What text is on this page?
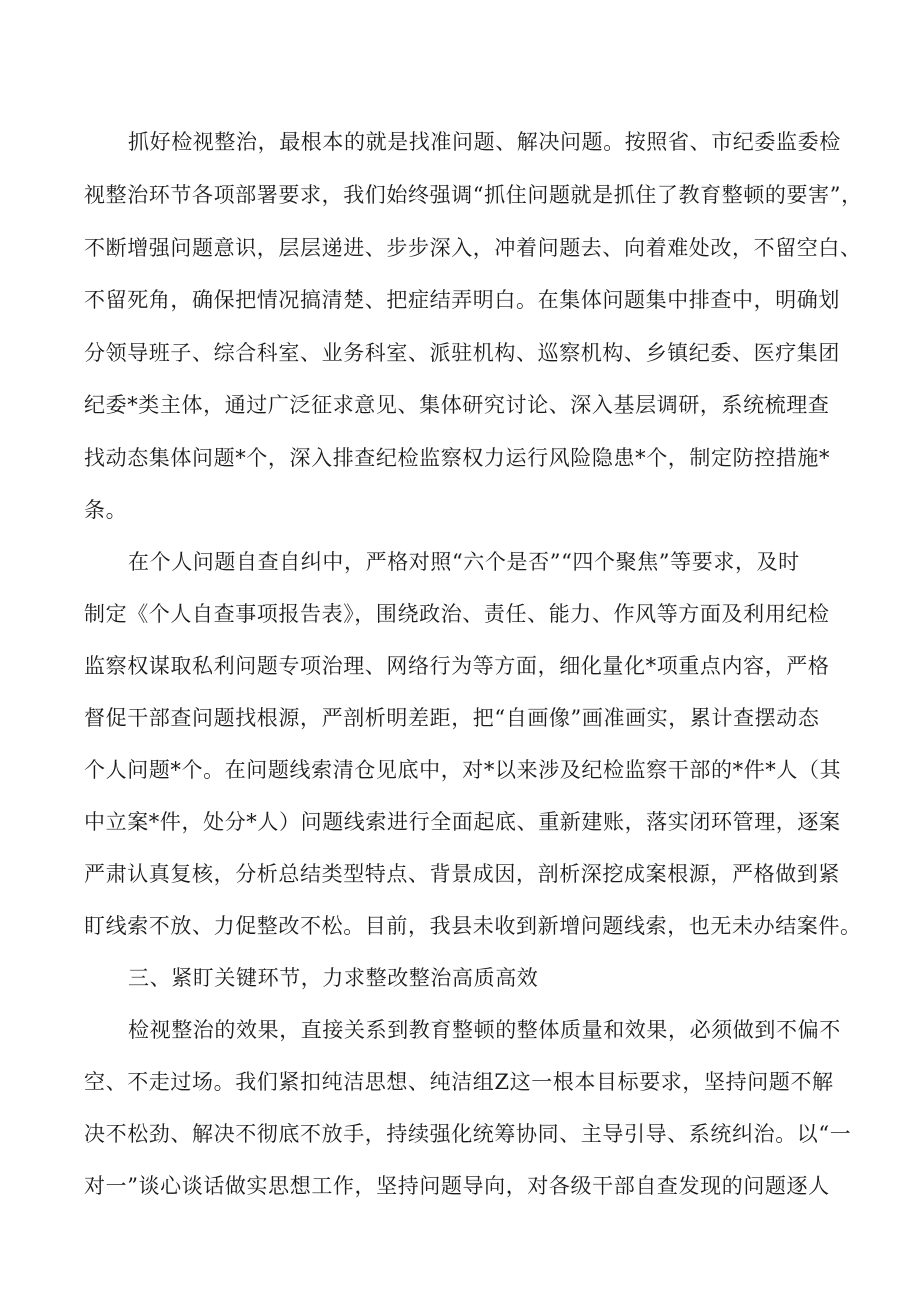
抓好检视整治，最根本的就是找准问题、解决问题。按照省、市纪委监委检
视整治环节各项部署要求，我们始终强调“抓住问题就是抓住了教育整顿的要害”，
不断增强问题意识，层层递进、步步深入，冲着问题去、向着难处改，不留空白、
不留死角，确保把情况搞清楚、把症结弄明白。在集体问题集中排查中，明确划
分领导班子、综合科室、业务科室、派驻机构、巡察机构、乡镇纪委、医疗集团
纪委*类主体，通过广泛征求意见、集体研究讨论、深入基层调研，系统梳理查
找动态集体问题*个，深入排查纪检监察权力运行风险隐患*个，制定防控措施*
条。
在个人问题自查自纠中，严格对照“六个是否”“四个聚焦”等要求，及时
制定《个人自查事项报告表》，围绕政治、责任、能力、作风等方面及利用纪检
监察权谋取私利问题专项治理、网络行为等方面，细化量化*项重点内容，严格
督促干部查问题找根源，严剖析明差距，把“自画像”画准画实，累计查摆动态
个人问题*个。在问题线索清仓见底中，对*以来涉及纪检监察干部的*件*人（其
中立案*件，处分*人）问题线索进行全面起底、重新建账，落实闭环管理，逐案
严肃认真复核，分析总结类型特点、背景成因，剖析深挖成案根源，严格做到紧
盯线索不放、力促整改不松。目前，我县未收到新增问题线索，也无未办结案件。
三、紧盯关键环节，力求整改整治高质高效
检视整治的效果，直接关系到教育整顿的整体质量和效果，必须做到不偏不
空、不走过场。我们紧扣纯洁思想、纯洁组Z这一根本目标要求，坚持问题不解
决不松劲、解决不彻底不放手，持续强化统筹协同、主导引导、系统纠治。以“一
对一”谈心谈话做实思想工作，坚持问题导向，对各级干部自查发现的问题逐人
